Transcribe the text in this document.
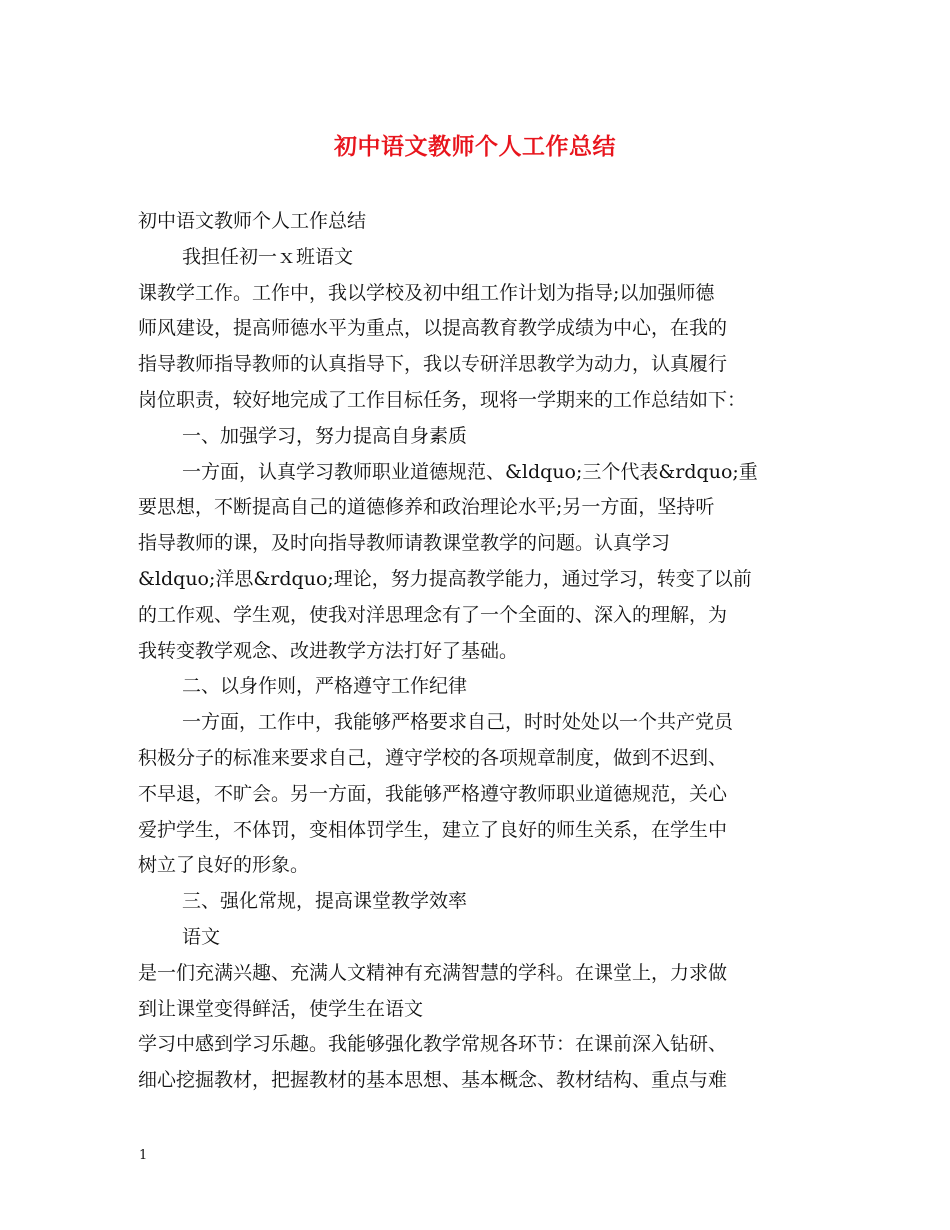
初中语文教师个人工作总结
初中语文教师个人工作总结
我担任初一ｘ班语文
课教学工作。工作中，我以学校及初中组工作计划为指导;以加强师德
师风建设，提高师德水平为重点，以提高教育教学成绩为中心，在我的
指导教师指导教师的认真指导下，我以专研洋思教学为动力，认真履行
岗位职责，较好地完成了工作目标任务，现将一学期来的工作总结如下：
一、加强学习，努力提高自身素质
一方面，认真学习教师职业道德规范、&ldquo;三个代表&rdquo;重
要思想，不断提高自己的道德修养和政治理论水平;另一方面，坚持听
指导教师的课，及时向指导教师请教课堂教学的问题。认真学习
&ldquo;洋思&rdquo;理论，努力提高教学能力，通过学习，转变了以前
的工作观、学生观，使我对洋思理念有了一个全面的、深入的理解，为
我转变教学观念、改进教学方法打好了基础。
二、以身作则，严格遵守工作纪律
一方面，工作中，我能够严格要求自己，时时处处以一个共产党员
积极分子的标准来要求自己，遵守学校的各项规章制度，做到不迟到、
不早退，不旷会。另一方面，我能够严格遵守教师职业道德规范，关心
爱护学生，不体罚，变相体罚学生，建立了良好的师生关系，在学生中
树立了良好的形象。
三、强化常规，提高课堂教学效率
语文
是一们充满兴趣、充满人文精神有充满智慧的学科。在课堂上，力求做
到让课堂变得鲜活，使学生在语文
学习中感到学习乐趣。我能够强化教学常规各环节：在课前深入钻研、
细心挖掘教材，把握教材的基本思想、基本概念、教材结构、重点与难
1
